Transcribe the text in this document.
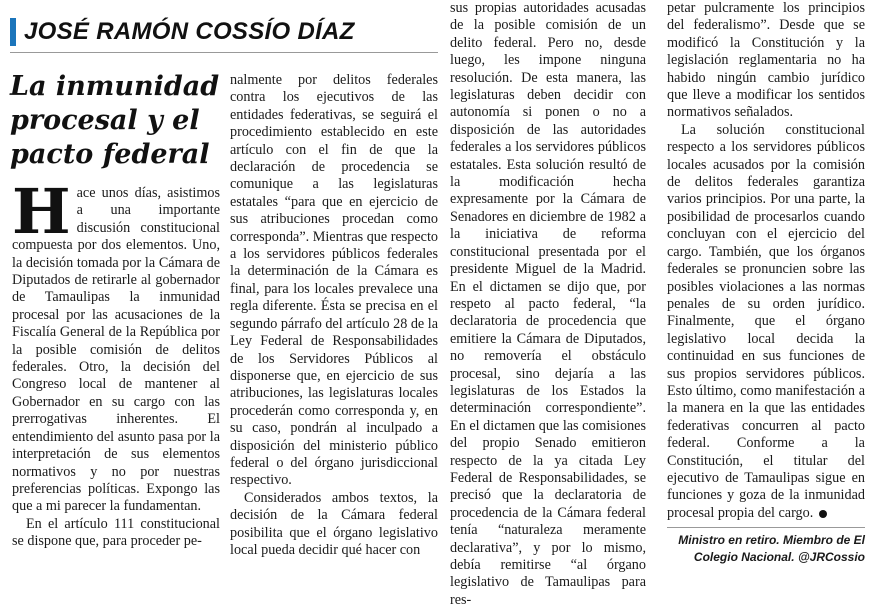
JOSÉ RAMÓN COSSÍO DÍAZ
La inmunidad procesal y el pacto federal

Hace unos días, asistimos a una importante discusión constitucional compuesta por dos elementos. Uno, la decisión tomada por la Cámara de Diputados de retirarle al gobernador de Tamaulipas la inmunidad procesal por las acusaciones de la Fiscalía General de la República por la posible comisión de delitos federales. Otro, la decisión del Congreso local de mantener al Gobernador en su cargo con las prerrogativas inherentes. El entendimiento del asunto pasa por la interpretación de sus elementos normativos y no por nuestras preferencias políticas. Expongo las que a mi parecer la fundamentan.

En el artículo 111 constitucional se dispone que, para proceder pe-

nalmente por delitos federales contra los ejecutivos de las entidades federativas, se seguirá el procedimiento establecido en este artículo con el fin de que la declaración de procedencia se comunique a las legislaturas estatales “para que en ejercicio de sus atribuciones procedan como corresponda”. Mientras que respecto a los servidores públicos federales la determinación de la Cámara es final, para los locales prevalece una regla diferente. Ésta se precisa en el segundo párrafo del artículo 28 de la Ley Federal de Responsabilidades de los Servidores Públicos al disponerse que, en ejercicio de sus atribuciones, las legislaturas locales procederán como corresponda y, en su caso, pondrán al inculpado a disposición del ministerio público federal o del órgano jurisdiccional respectivo.

Considerados ambos textos, la decisión de la Cámara federal posibilita que el órgano legislativo local pueda decidir qué hacer con

sus propias autoridades acusadas de la posible comisión de un delito federal. Pero no, desde luego, les impone ninguna resolución. De esta manera, las legislaturas deben decidir con autonomía si ponen o no a disposición de las autoridades federales a los servidores públicos estatales. Esta solución resultó de la modificación hecha expresamente por la Cámara de Senadores en diciembre de 1982 a la iniciativa de reforma constitucional presentada por el presidente Miguel de la Madrid. En el dictamen se dijo que, por respeto al pacto federal, “la declaratoria de procedencia que emitiere la Cámara de Diputados, no removería el obstáculo procesal, sino dejaría a las legislaturas de los Estados la determinación correspondiente”. En el dictamen que las comisiones del propio Senado emitieron respecto de la ya citada Ley Federal de Responsabilidades, se precisó que la declaratoria de procedencia de la Cámara federal tenía “naturaleza meramente declarativa”, y por lo mismo, debía remitirse “al órgano legislativo de Tamaulipas para res-

petar pulcramente los principios del federalismo”. Desde que se modificó la Constitución y la legislación reglamentaria no ha habido ningún cambio jurídico que lleve a modificar los sentidos normativos señalados.

La solución constitucional respecto a los servidores públicos locales acusados por la comisión de delitos federales garantiza varios principios. Por una parte, la posibilidad de procesarlos cuando concluyan con el ejercicio del cargo. También, que los órganos federales se pronuncien sobre las posibles violaciones a las normas penales de su orden jurídico. Finalmente, que el órgano legislativo local decida la continuidad en sus funciones de sus propios servidores públicos. Esto último, como manifestación a la manera en la que las entidades federativas concurren al pacto federal. Conforme a la Constitución, el titular del ejecutivo de Tamaulipas sigue en funciones y goza de la inmunidad procesal propia del cargo.

Ministro en retiro. Miembro de El Colegio Nacional. @JRCossio
